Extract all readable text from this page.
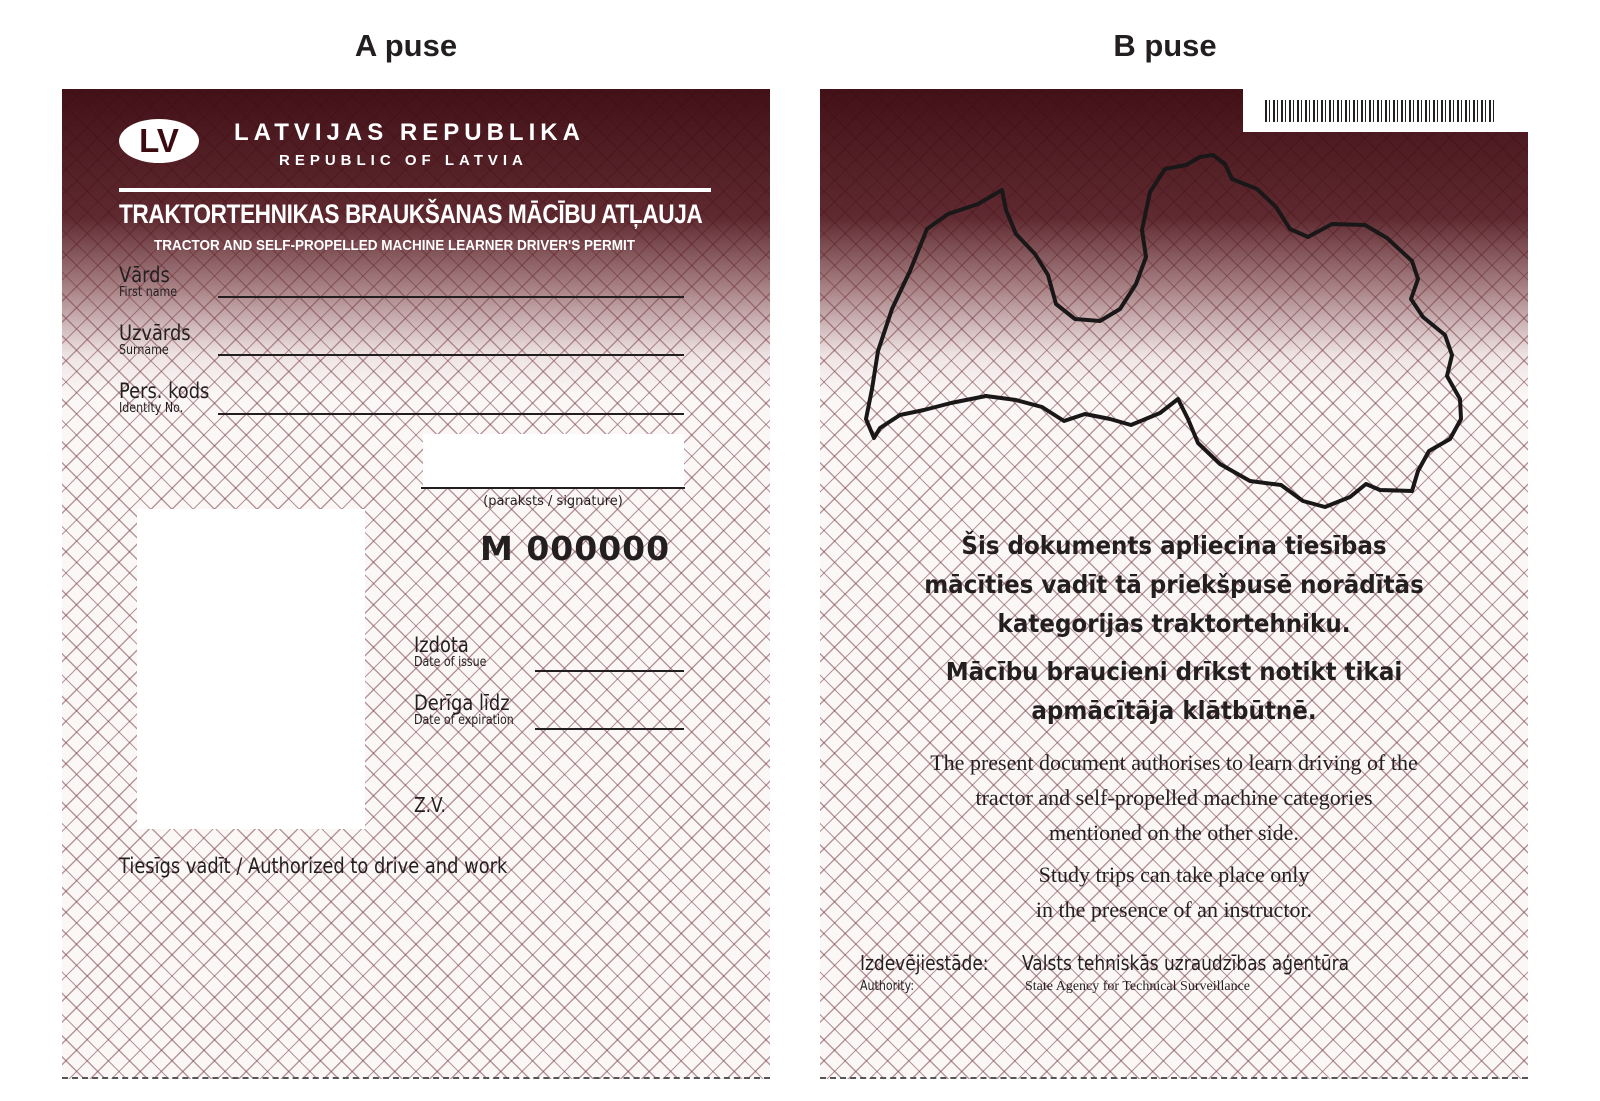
A puse
LV	LATVIJAS REPUBLIKA
REPUBLIC OF LATVIA
TRAKTORTEHNIKAS BRAUKŠANAS MĀCĪBU ATĻAUJA
TRACTOR AND SELF-PROPELLED MACHINE LEARNER DRIVER'S PERMIT
Vārds
First name
Uzvārds
Surname
Pers. kods
Identity No.
(paraksts / signature)
M 000000
Izdota
Date of issue
Derīga līdz
Date of expiration
Z.V.
Tiesīgs vadīt / Authorized to drive and work
B puse
Šis dokuments apliecina tiesības
mācīties vadīt tā priekšpusē norādītās
kategorijas traktortehniku.
Mācību braucieni drīkst notikt tikai
apmācītāja klātbūtnē.
The present document authorises to learn driving of the
tractor and self-propelled machine categories
mentioned on the other side.
Study trips can take place only
in the presence of an instructor.
Izdevējiestāde:
Authority:
Valsts tehniskās uzraudzības aģentūra
State Agency for Technical Surveillance
